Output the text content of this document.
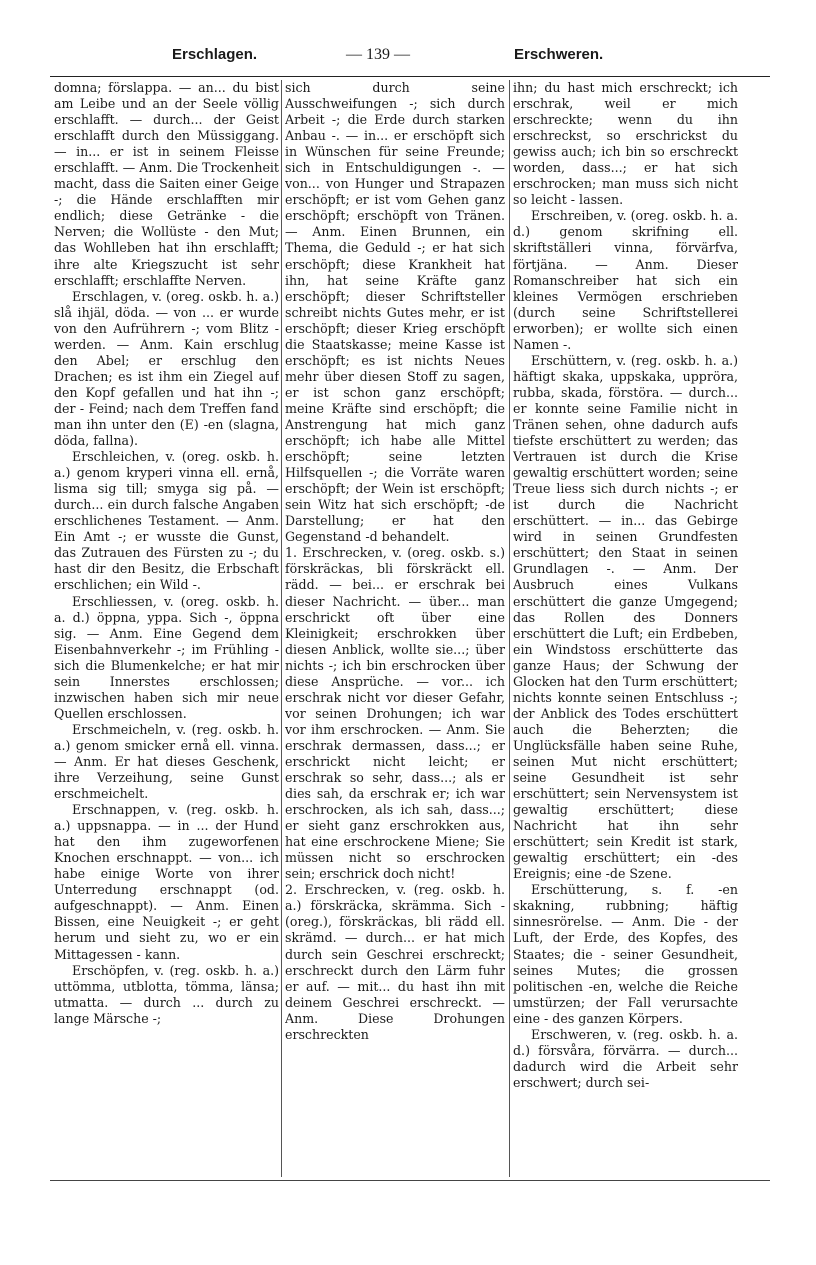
Erschlagen.	— 139 —	Erschweren.

domna; förslappa. — an... du bist am Leibe und an der Seele völlig erschlafft. — durch... der Geist erschlafft durch den Müssiggang. — in... er ist in seinem Fleisse erschlafft. — Anm. Die Trockenheit macht, dass die Saiten einer Geige -; die Hände erschlafften mir endlich; diese Getränke - die Nerven; die Wollüste - den Mut; das Wohlleben hat ihn erschlafft; ihre alte Kriegszucht ist sehr erschlafft; erschlaffte Nerven.

Erschlagen, v. (oreg. oskb. h. a.) slå ihjäl, döda. — von ... er wurde von den Aufrührern -; vom Blitz - werden. — Anm. Kain erschlug den Abel; er erschlug den Drachen; es ist ihm ein Ziegel auf den Kopf gefallen und hat ihn -; der - Feind; nach dem Treffen fand man ihn unter den (E) -en (slagna, döda, fallna).

Erschleichen, v. (oreg. oskb. h. a.) genom kryperi vinna ell. ernå, lisma sig till; smyga sig på. — durch... ein durch falsche Angaben erschlichenes Testament. — Anm. Ein Amt -; er wusste die Gunst, das Zutrauen des Fürsten zu -; du hast dir den Besitz, die Erbschaft erschlichen; ein Wild -.

Erschliessen, v. (oreg. oskb. h. a. d.) öppna, yppa. Sich -, öppna sig. — Anm. Eine Gegend dem Eisenbahnverkehr -; im Frühling - sich die Blumenkelche; er hat mir sein Innerstes erschlossen; inzwischen haben sich mir neue Quellen erschlossen.

Erschmeicheln, v. (reg. oskb. h. a.) genom smicker ernå ell. vinna. — Anm. Er hat dieses Geschenk, ihre Verzeihung, seine Gunst erschmeichelt.

Erschnappen, v. (reg. oskb. h. a.) uppsnappa. — in ... der Hund hat den ihm zugeworfenen Knochen erschnappt. — von... ich habe einige Worte von ihrer Unterredung erschnappt (od. aufgeschnappt). — Anm. Einen Bissen, eine Neuigkeit -; er geht herum und sieht zu, wo er ein Mittagessen - kann.

Erschöpfen, v. (reg. oskb. h. a.) uttömma, utblotta, tömma, länsa; utmatta. — durch ... durch zu lange Märsche -;

sich durch seine Ausschweifungen -; sich durch Arbeit -; die Erde durch starken Anbau -. — in... er erschöpft sich in Wünschen für seine Freunde; sich in Entschuldigungen -. — von... von Hunger und Strapazen erschöpft; er ist vom Gehen ganz erschöpft; erschöpft von Tränen. — Anm. Einen Brunnen, ein Thema, die Geduld -; er hat sich erschöpft; diese Krankheit hat ihn, hat seine Kräfte ganz erschöpft; dieser Schriftsteller schreibt nichts Gutes mehr, er ist erschöpft; dieser Krieg erschöpft die Staatskasse; meine Kasse ist erschöpft; es ist nichts Neues mehr über diesen Stoff zu sagen, er ist schon ganz erschöpft; meine Kräfte sind erschöpft; die Anstrengung hat mich ganz erschöpft; ich habe alle Mittel erschöpft; seine letzten Hilfsquellen -; die Vorräte waren erschöpft; der Wein ist erschöpft; sein Witz hat sich erschöpft; -de Darstellung; er hat den Gegenstand -d behandelt.

1. Erschrecken, v. (oreg. oskb. s.) förskräckas, bli förskräckt ell. rädd. — bei... er erschrak bei dieser Nachricht. — über... man erschrickt oft über eine Kleinigkeit; erschrokken über diesen Anblick, wollte sie...; über nichts -; ich bin erschrocken über diese Ansprüche. — vor... ich erschrak nicht vor dieser Gefahr, vor seinen Drohungen; ich war vor ihm erschrocken. — Anm. Sie erschrak dermassen, dass...; er erschrickt nicht leicht; er erschrak so sehr, dass...; als er dies sah, da erschrak er; ich war erschrocken, als ich sah, dass...; er sieht ganz erschrokken aus, hat eine erschrockene Miene; Sie müssen nicht so erschrocken sein; erschrick doch nicht!

2. Erschrecken, v. (reg. oskb. h. a.) förskräcka, skrämma. Sich - (oreg.), förskräckas, bli rädd ell. skrämd. — durch... er hat mich durch sein Geschrei erschreckt; erschreckt durch den Lärm fuhr er auf. — mit... du hast ihn mit deinem Geschrei erschreckt. — Anm. Diese Drohungen erschreckten

ihn; du hast mich erschreckt; ich erschrak, weil er mich erschreckte; wenn du ihn erschreckst, so erschrickst du gewiss auch; ich bin so erschreckt worden, dass...; er hat sich erschrocken; man muss sich nicht so leicht - lassen.

Erschreiben, v. (oreg. oskb. h. a. d.) genom skrifning ell. skriftställeri vinna, förvärfva, förtjäna. — Anm. Dieser Romanschreiber hat sich ein kleines Vermögen erschrieben (durch seine Schriftstellerei erworben); er wollte sich einen Namen -.

Erschüttern, v. (reg. oskb. h. a.) häftigt skaka, uppskaka, uppröra, rubba, skada, förstöra. — durch... er konnte seine Familie nicht in Tränen sehen, ohne dadurch aufs tiefste erschüttert zu werden; das Vertrauen ist durch die Krise gewaltig erschüttert worden; seine Treue liess sich durch nichts -; er ist durch die Nachricht erschüttert. — in... das Gebirge wird in seinen Grundfesten erschüttert; den Staat in seinen Grundlagen -. — Anm. Der Ausbruch eines Vulkans erschüttert die ganze Umgegend; das Rollen des Donners erschüttert die Luft; ein Erdbeben, ein Windstoss erschütterte das ganze Haus; der Schwung der Glocken hat den Turm erschüttert; nichts konnte seinen Entschluss -; der Anblick des Todes erschüttert auch die Beherzten; die Unglücksfälle haben seine Ruhe, seinen Mut nicht erschüttert; seine Gesundheit ist sehr erschüttert; sein Nervensystem ist gewaltig erschüttert; diese Nachricht hat ihn sehr erschüttert; sein Kredit ist stark, gewaltig erschüttert; ein -des Ereignis; eine -de Szene.

Erschütterung, s. f. -en skakning, rubbning; häftig sinnesrörelse. — Anm. Die - der Luft, der Erde, des Kopfes, des Staates; die - seiner Gesundheit, seines Mutes; die grossen politischen -en, welche die Reiche umstürzen; der Fall verursachte eine - des ganzen Körpers.

Erschweren, v. (reg. oskb. h. a. d.) försvåra, förvärra. — durch... dadurch wird die Arbeit sehr erschwert; durch sei-
